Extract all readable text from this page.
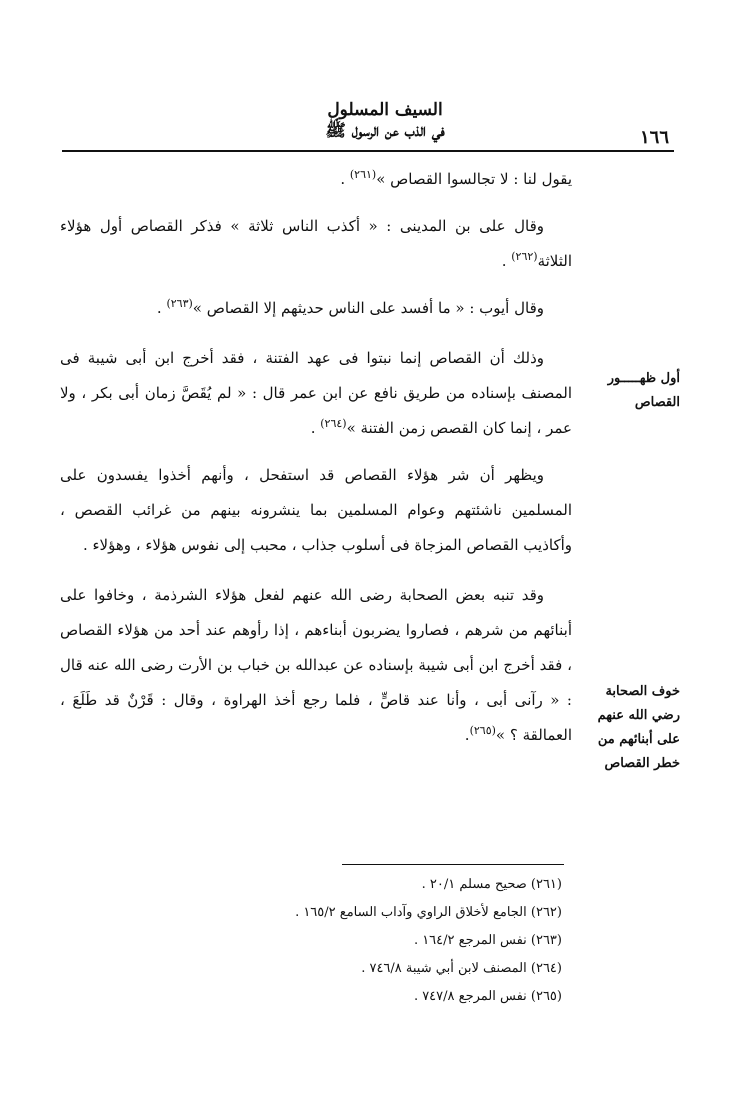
السيف المسلول
في الذب عن الرسول ﷺ	١٦٦

يقول لنا : لا تجالسوا القصاص »$^{(٢٦١)}$ .

وقال على بن المدينى : « أكذب الناس ثلاثة » فذكر القصاص أول هؤلاء الثلاثة$^{(٢٦٢)}$ .

وقال أيوب : « ما أفسد على الناس حديثهم إلا القصاص »$^{(٢٦٣)}$ .

وذلك أن القصاص إنما نبتوا فى عهد الفتنة ، فقد أخرج ابن أبى شيبة فى المصنف بإسناده من طريق نافع عن ابن عمر قال : « لم يُقَصَّ زمان أبى بكر ، ولا عمر ، إنما كان القصص زمن الفتنة »$^{(٢٦٤)}$ .

ويظهر أن شر هؤلاء القصاص قد استفحل ، وأنهم أخذوا يفسدون على المسلمين ناشئتهم وعوام المسلمين بما ينشرونه بينهم من غرائب القصص ، وأكاذيب القصاص المزجاة فى أسلوب جذاب ، محبب إلى نفوس هؤلاء ، وهؤلاء .

وقد تنبه بعض الصحابة رضى الله عنهم لفعل هؤلاء الشرذمة ، وخافوا على أبنائهم من شرهم ، فصاروا يضربون أبناءهم ، إذا رأوهم عند أحد من هؤلاء القصاص ، فقد أخرج ابن أبى شيبة بإسناده عن عبدالله بن خباب بن الأرت رضى الله عنه قال : « رآنى أبى ، وأنا عند قاصٍّ ، فلما رجع أخذ الهراوة ، وقال : قَرْنٌ قد طَلَعَ ، العمالقة ؟ »$^{(٢٦٥)}$.

أول ظهـــــور القصاص
خوف الصحابة رضي الله عنهم على أبنائهم من خطر القصاص
(٢٦١) صحيح مسلم ٢٠/١ .
(٢٦٢) الجامع لأخلاق الراوي وآداب السامع ١٦٥/٢ .
(٢٦٣) نفس المرجع ١٦٤/٢ .
(٢٦٤) المصنف لابن أبي شيبة ٧٤٦/٨ .
(٢٦٥) نفس المرجع ٧٤٧/٨ .
